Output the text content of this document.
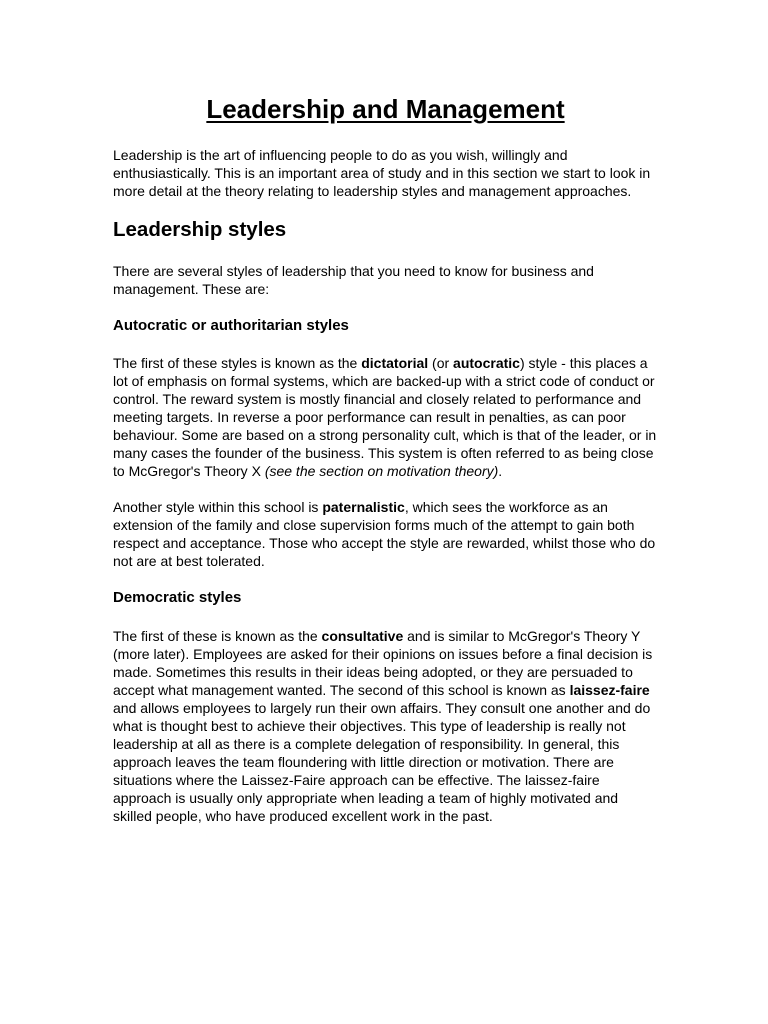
Leadership and Management

Leadership is the art of influencing people to do as you wish, willingly and enthusiastically. This is an important area of study and in this section we start to look in more detail at the theory relating to leadership styles and management approaches.

Leadership styles

There are several styles of leadership that you need to know for business and management. These are:

Autocratic or authoritarian styles

The first of these styles is known as the dictatorial (or autocratic) style - this places a lot of emphasis on formal systems, which are backed-up with a strict code of conduct or control. The reward system is mostly financial and closely related to performance and meeting targets. In reverse a poor performance can result in penalties, as can poor behaviour. Some are based on a strong personality cult, which is that of the leader, or in many cases the founder of the business. This system is often referred to as being close to McGregor's Theory X (see the section on motivation theory).

Another style within this school is paternalistic, which sees the workforce as an extension of the family and close supervision forms much of the attempt to gain both respect and acceptance. Those who accept the style are rewarded, whilst those who do not are at best tolerated.

Democratic styles

The first of these is known as the consultative and is similar to McGregor's Theory Y (more later). Employees are asked for their opinions on issues before a final decision is made. Sometimes this results in their ideas being adopted, or they are persuaded to accept what management wanted. The second of this school is known as laissez-faire and allows employees to largely run their own affairs. They consult one another and do what is thought best to achieve their objectives. This type of leadership is really not leadership at all as there is a complete delegation of responsibility. In general, this approach leaves the team floundering with little direction or motivation. There are situations where the Laissez-Faire approach can be effective. The laissez-faire approach is usually only appropriate when leading a team of highly motivated and skilled people, who have produced excellent work in the past.
